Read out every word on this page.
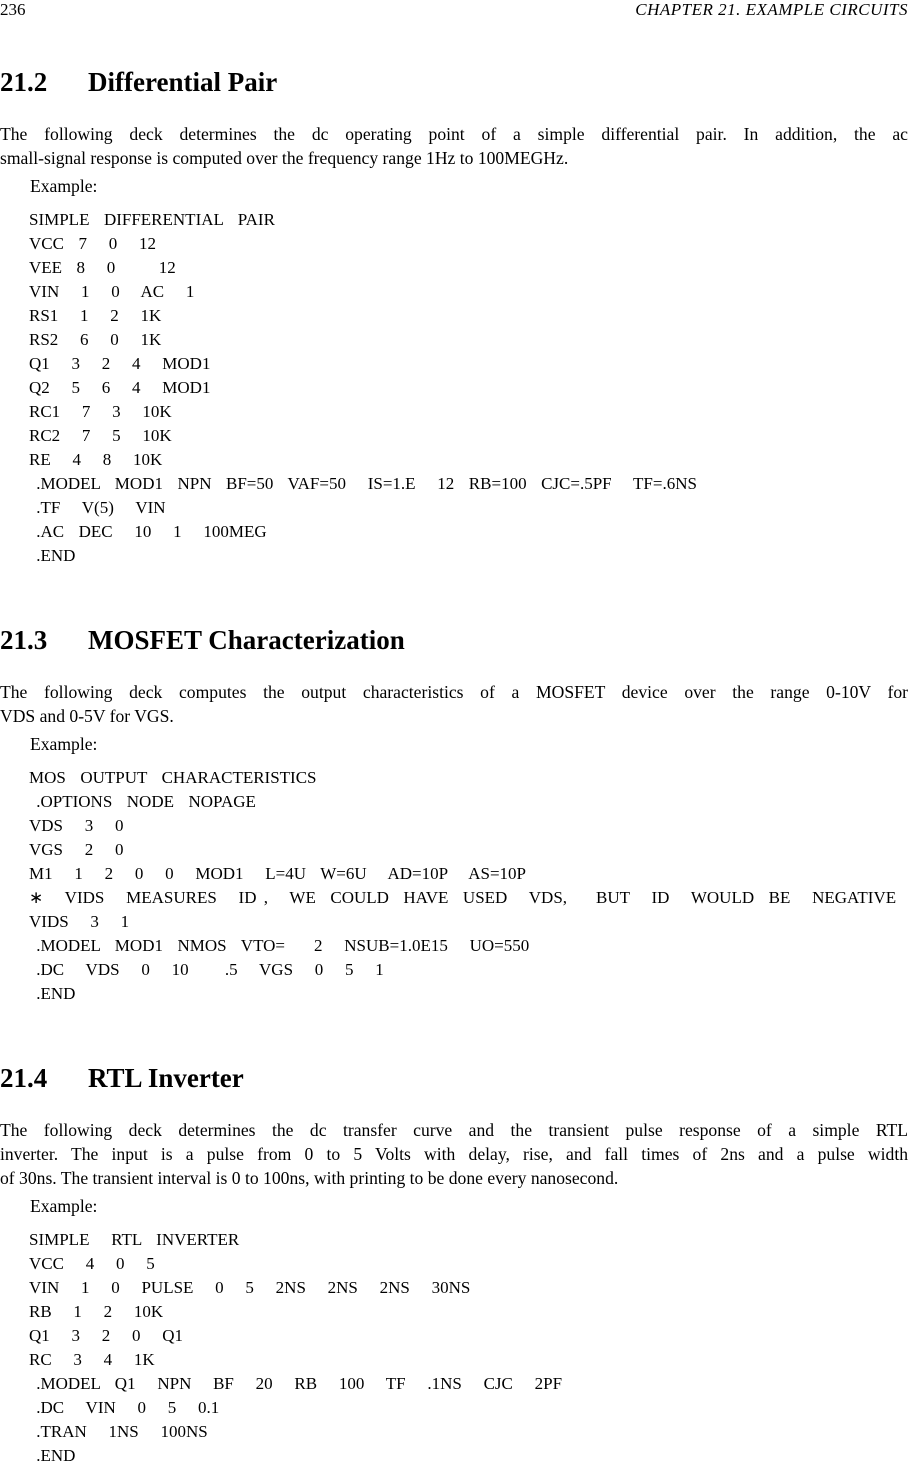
236	CHAPTER 21. EXAMPLE CIRCUITS
21.2 Differential Pair
The following deck determines the dc operating point of a simple differential pair. In addition, the ac
small-signal response is computed over the frequency range 1Hz to 100MEGHz.
Example:
SIMPLE  DIFFERENTIAL  PAIR
VCC  7   0   12
VEE  8   0      12
VIN   1   0   AC   1
RS1   1   2   1K
RS2   6   0   1K
Q1   3   2   4   MOD1
Q2   5   6   4   MOD1
RC1   7   3   10K
RC2   7   5   10K
RE   4   8   10K
.MODEL  MOD1  NPN  BF=50  VAF=50   IS=1.E   12  RB=100  CJC=.5PF   TF=.6NS
.TF   V(5)   VIN
.AC  DEC   10   1   100MEG
.END
21.3 MOSFET Characterization
The following deck computes the output characteristics of a MOSFET device over the range 0-10V for
VDS and 0-5V for VGS.
Example:
MOS  OUTPUT  CHARACTERISTICS
.OPTIONS  NODE  NOPAGE
VDS   3   0
VGS   2   0
M1   1   2   0   0   MOD1   L=4U  W=6U   AD=10P   AS=10P
∗   VIDS   MEASURES   ID ,   WE  COULD  HAVE  USED   VDS,    BUT   ID   WOULD  BE   NEGATIVE
VIDS   3   1
.MODEL  MOD1  NMOS  VTO=    2   NSUB=1.0E15   UO=550
.DC   VDS   0   10     .5   VGS   0   5   1
.END
21.4 RTL Inverter
The following deck determines the dc transfer curve and the transient pulse response of a simple RTL
inverter. The input is a pulse from 0 to 5 Volts with delay, rise, and fall times of 2ns and a pulse width
of 30ns. The transient interval is 0 to 100ns, with printing to be done every nanosecond.
Example:
SIMPLE   RTL  INVERTER
VCC   4   0   5
VIN   1   0   PULSE   0   5   2NS   2NS   2NS   30NS
RB   1   2   10K
Q1   3   2   0   Q1
RC   3   4   1K
.MODEL  Q1   NPN   BF   20   RB   100   TF   .1NS   CJC   2PF
.DC   VIN   0   5   0.1
.TRAN   1NS   100NS
.END
